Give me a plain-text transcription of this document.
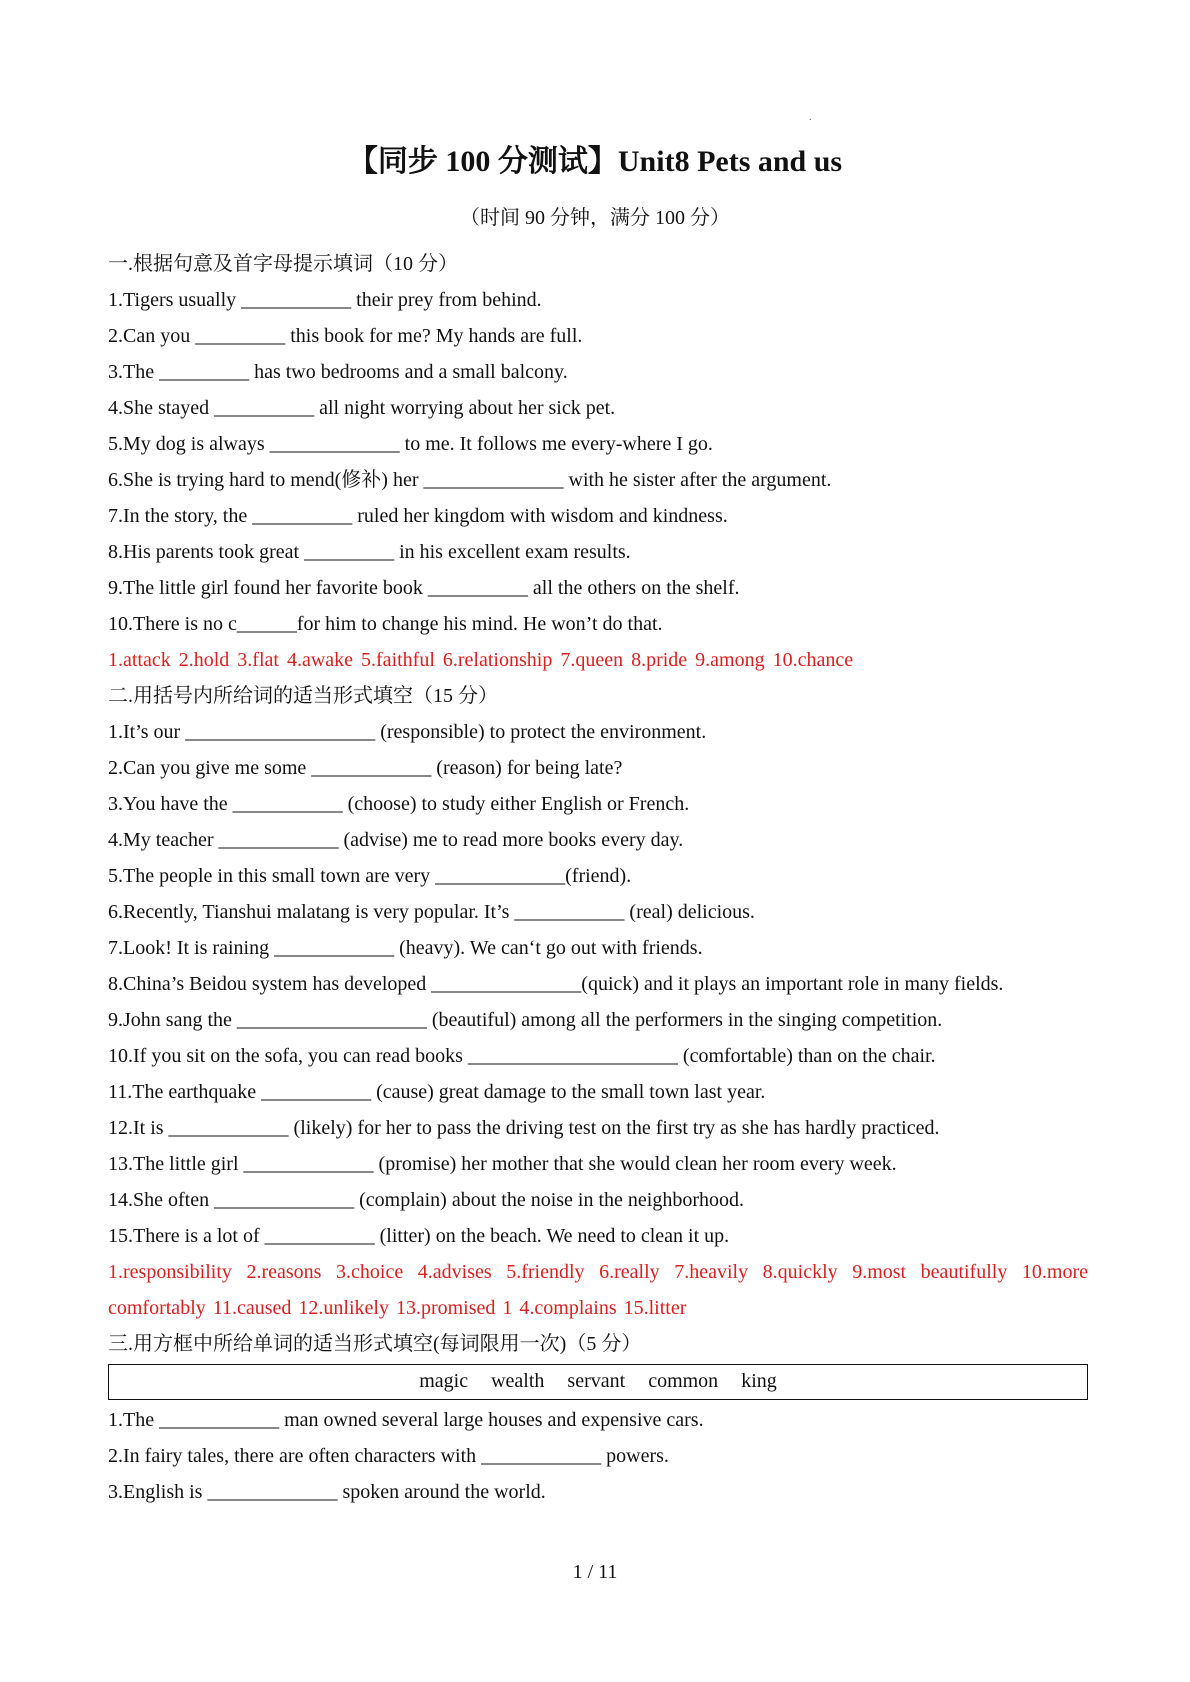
.
【同步 100 分测试】Unit8 Pets and us
（时间 90 分钟，满分 100 分）
一.根据句意及首字母提示填词（10 分）
1.Tigers usually ___________ their prey from behind.
2.Can you _________ this book for me? My hands are full.
3.The _________ has two bedrooms and a small balcony.
4.She stayed __________ all night worrying about her sick pet.
5.My dog is always _____________ to me. It follows me every-where I go.
6.She is trying hard to mend(修补) her ______________ with he sister after the argument.
7.In the story, the __________ ruled her kingdom with wisdom and kindness.
8.His parents took great _________ in his excellent exam results.
9.The little girl found her favorite book __________ all the others on the shelf.
10.There is no c______for him to change his mind. He won’t do that.
1.attack 2.hold 3.flat 4.awake 5.faithful 6.relationship 7.queen 8.pride 9.among 10.chance
二.用括号内所给词的适当形式填空（15 分）
1.It’s our ___________________ (responsible) to protect the environment.
2.Can you give me some ____________ (reason) for being late?
3.You have the ___________ (choose) to study either English or French.
4.My teacher ____________ (advise) me to read more books every day.
5.The people in this small town are very _____________(friend).
6.Recently, Tianshui malatang is very popular. It’s ___________ (real) delicious.
7.Look! It is raining ____________ (heavy). We can‘t go out with friends.
8.China’s Beidou system has developed _______________(quick) and it plays an important role in many fields.
9.John sang the ___________________ (beautiful) among all the performers in the singing competition.
10.If you sit on the sofa, you can read books _____________________ (comfortable) than on the chair.
11.The earthquake ___________ (cause) great damage to the small town last year.
12.It is ____________ (likely) for her to pass the driving test on the first try as she has hardly practiced.
13.The little girl _____________ (promise) her mother that she would clean her room every week.
14.She often ______________ (complain) about the noise in the neighborhood.
15.There is a lot of ___________ (litter) on the beach. We need to clean it up.
1.responsibility 2.reasons 3.choice 4.advises 5.friendly 6.really 7.heavily 8.quickly 9.most beautifully 10.more comfortably 11.caused 12.unlikely 13.promised 1 4.complains 15.litter
三.用方框中所给单词的适当形式填空(每词限用一次)（5 分）
magic wealth servant common king
1.The ____________ man owned several large houses and expensive cars.
2.In fairy tales, there are often characters with ____________ powers.
3.English is _____________ spoken around the world.
1 / 11
